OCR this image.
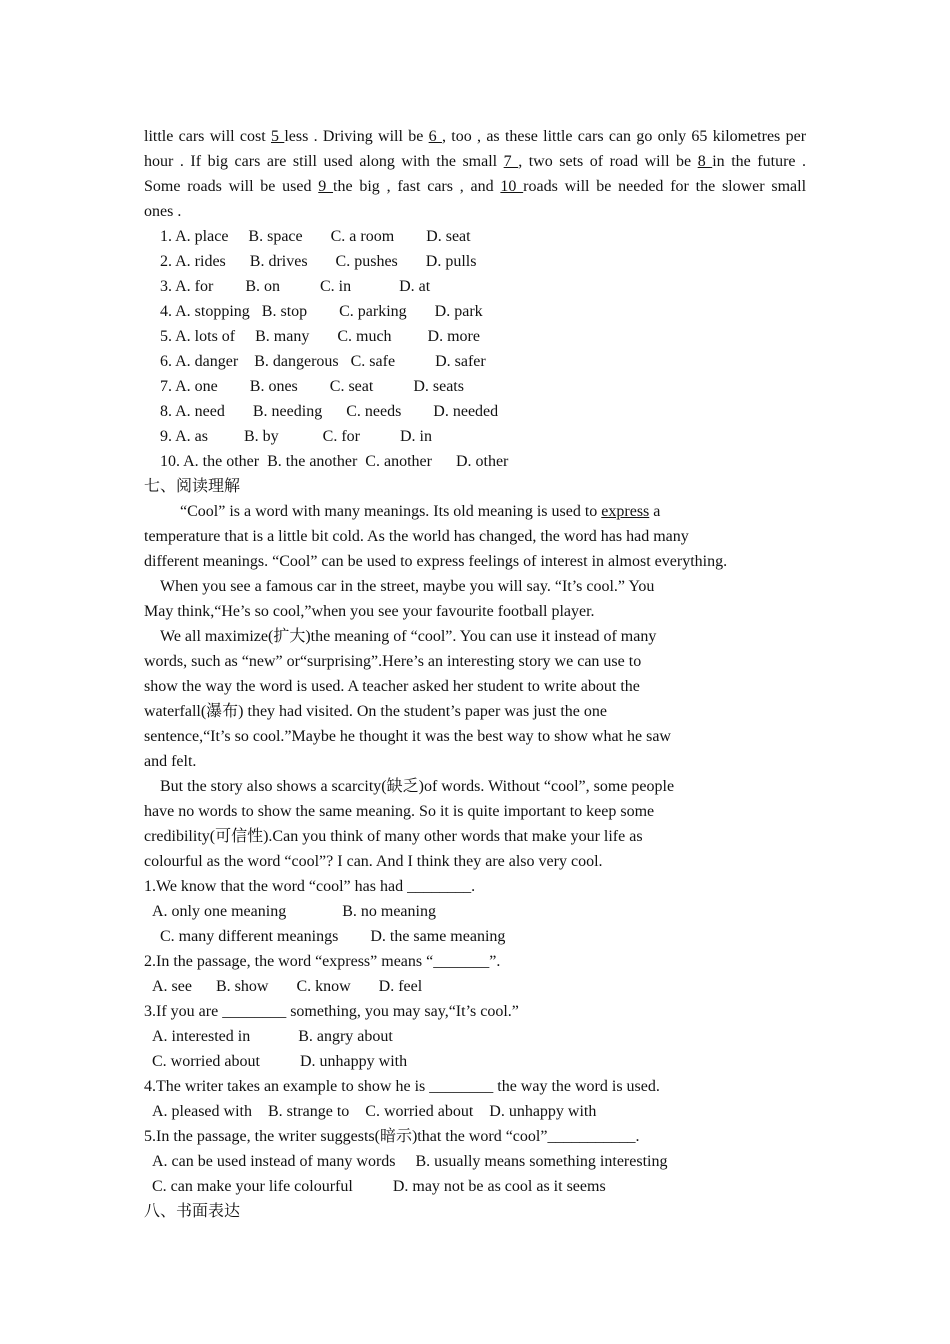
little cars will cost 5 less . Driving will be 6 , too , as these little cars can go only 65 kilometres per
hour . If big cars are still used along with the small 7 , two sets of road will be 8 in the future .
Some roads will be used 9 the big , fast cars , and 10 roads will be needed for the slower small
ones .
1. A. place     B. space       C. a room        D. seat
2. A. rides      B. drives       C. pushes       D. pulls
3. A. for        B. on          C. in            D. at
4. A. stopping   B. stop        C. parking       D. park
5. A. lots of     B. many       C. much         D. more
6. A. danger    B. dangerous   C. safe          D. safer
7. A. one        B. ones        C. seat          D. seats
8. A. need       B. needing      C. needs        D. needed
9. A. as         B. by           C. for          D. in
10. A. the other  B. the another  C. another      D. other
七、阅读理解
“Cool” is a word with many meanings. Its old meaning is used to express a
temperature that is a little bit cold. As the world has changed, the word has had many
different meanings. “Cool” can be used to express feelings of interest in almost everything.
When you see a famous car in the street, maybe you will say. “It’s cool.” You
May think,“He’s so cool,”when you see your favourite football player.
We all maximize(扩大)the meaning of “cool”. You can use it instead of many
words, such as “new” or“surprising”.Here’s an interesting story we can use to
show the way the word is used. A teacher asked her student to write about the
waterfall(瀑布) they had visited. On the student’s paper was just the one
sentence,“It’s so cool.”Maybe he thought it was the best way to show what he saw
and felt.
But the story also shows a scarcity(缺乏)of words. Without “cool”, some people
have no words to show the same meaning. So it is quite important to keep some
credibility(可信性).Can you think of many other words that make your life as
colourful as the word “cool”? I can. And I think they are also very cool.
1.We know that the word “cool” has had ________.
A. only one meaning              B. no meaning
C. many different meanings        D. the same meaning
2.In the passage, the word “express” means “_______”.
A. see      B. show       C. know       D. feel
3.If you are ________ something, you may say,“It’s cool.”
A. interested in            B. angry about
C. worried about          D. unhappy with
4.The writer takes an example to show he is ________ the way the word is used.
A. pleased with    B. strange to    C. worried about    D. unhappy with
5.In the passage, the writer suggests(暗示)that the word “cool”___________.
A. can be used instead of many words     B. usually means something interesting
C. can make your life colourful          D. may not be as cool as it seems
八、书面表达
